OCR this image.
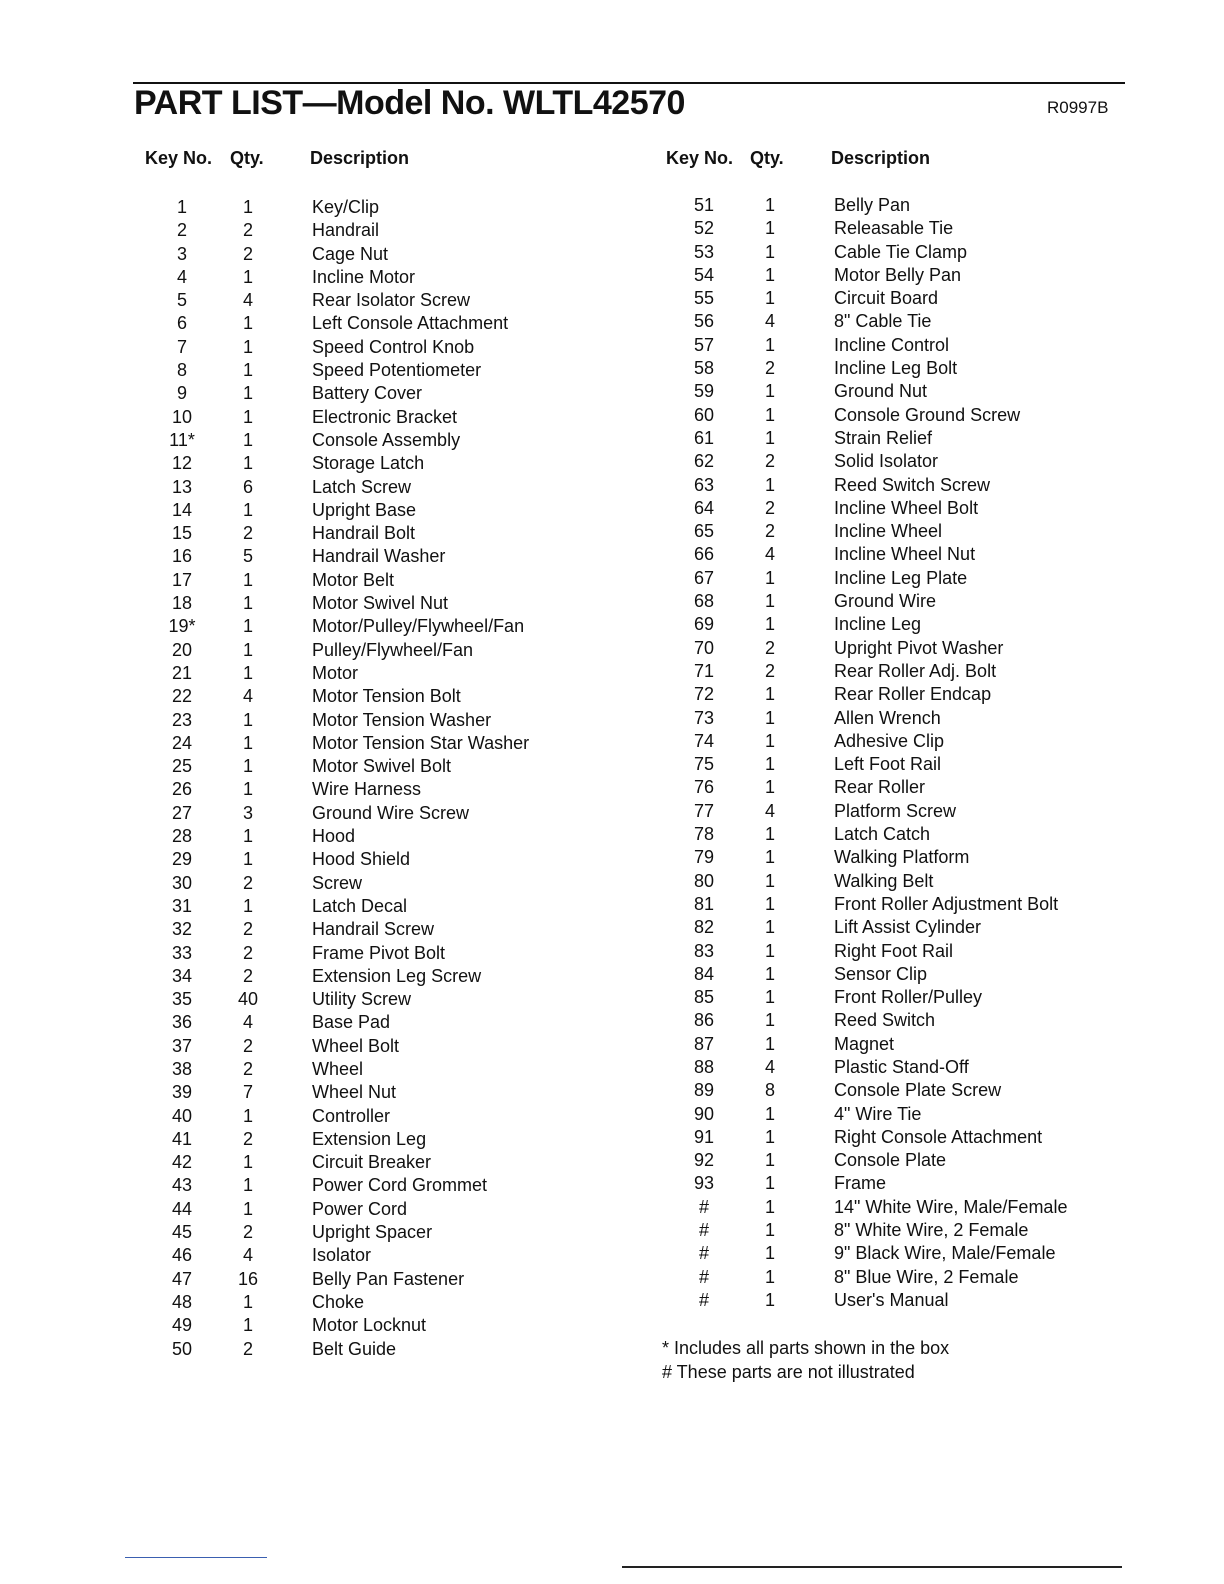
PART LIST—Model No. WLTL42570	R0997B
Key No. Qty.	Description
1	1	Key/Clip
2	2	Handrail
3	2	Cage Nut
4	1	Incline Motor
5	4	Rear Isolator Screw
6	1	Left Console Attachment
7	1	Speed Control Knob
8	1	Speed Potentiometer
9	1	Battery Cover
10	1	Electronic Bracket
11*	1	Console Assembly
12	1	Storage Latch
13	6	Latch Screw
14	1	Upright Base
15	2	Handrail Bolt
16	5	Handrail Washer
17	1	Motor Belt
18	1	Motor Swivel Nut
19*	1	Motor/Pulley/Flywheel/Fan
20	1	Pulley/Flywheel/Fan
21	1	Motor
22	4	Motor Tension Bolt
23	1	Motor Tension Washer
24	1	Motor Tension Star Washer
25	1	Motor Swivel Bolt
26	1	Wire Harness
27	3	Ground Wire Screw
28	1	Hood
29	1	Hood Shield
30	2	Screw
31	1	Latch Decal
32	2	Handrail Screw
33	2	Frame Pivot Bolt
34	2	Extension Leg Screw
35	40	Utility Screw
36	4	Base Pad
37	2	Wheel Bolt
38	2	Wheel
39	7	Wheel Nut
40	1	Controller
41	2	Extension Leg
42	1	Circuit Breaker
43	1	Power Cord Grommet
44	1	Power Cord
45	2	Upright Spacer
46	4	Isolator
47	16	Belly Pan Fastener
48	1	Choke
49	1	Motor Locknut
50	2	Belt Guide
Key No. Qty.	Description
51	1	Belly Pan
52	1	Releasable Tie
53	1	Cable Tie Clamp
54	1	Motor Belly Pan
55	1	Circuit Board
56	4	8" Cable Tie
57	1	Incline Control
58	2	Incline Leg Bolt
59	1	Ground Nut
60	1	Console Ground Screw
61	1	Strain Relief
62	2	Solid Isolator
63	1	Reed Switch Screw
64	2	Incline Wheel Bolt
65	2	Incline Wheel
66	4	Incline Wheel Nut
67	1	Incline Leg Plate
68	1	Ground Wire
69	1	Incline Leg
70	2	Upright Pivot Washer
71	2	Rear Roller Adj. Bolt
72	1	Rear Roller Endcap
73	1	Allen Wrench
74	1	Adhesive Clip
75	1	Left Foot Rail
76	1	Rear Roller
77	4	Platform Screw
78	1	Latch Catch
79	1	Walking Platform
80	1	Walking Belt
81	1	Front Roller Adjustment Bolt
82	1	Lift Assist Cylinder
83	1	Right Foot Rail
84	1	Sensor Clip
85	1	Front Roller/Pulley
86	1	Reed Switch
87	1	Magnet
88	4	Plastic Stand-Off
89	8	Console Plate Screw
90	1	4" Wire Tie
91	1	Right Console Attachment
92	1	Console Plate
93	1	Frame
#	1	14" White Wire, Male/Female
#	1	8" White Wire, 2 Female
#	1	9" Black Wire, Male/Female
#	1	8" Blue Wire, 2 Female
#	1	User's Manual
* Includes all parts shown in the box
# These parts are not illustrated
